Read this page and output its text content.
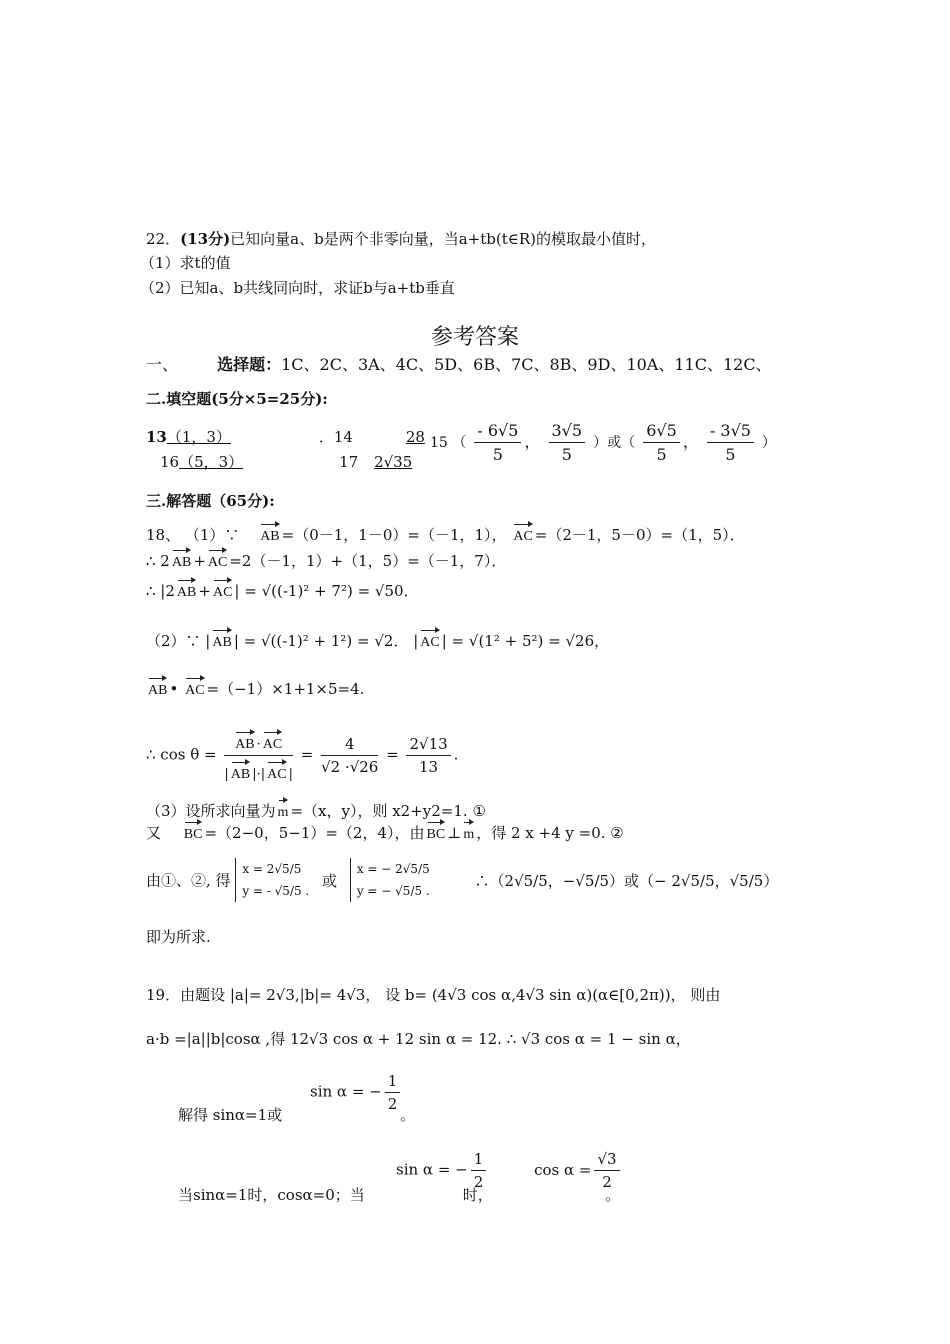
22．(13分)已知向量a、b是两个非零向量，当a+tb(t∈R)的模取最小值时，
（1）求t的值
（2）已知a、b共线同向时，求证b与a+tb垂直
参考答案
一、 选择题：1C、2C、3A、4C、5D、6B、7C、8B、9D、10A、11C、12C、
二.填空题(5分×5=25分):
13（1，3）	．14	28 15 （ $\frac{- 6√5}{5}$ ， $\frac{3√5}{5}$ ）或（ $\frac{6√5}{5}$ ， $\frac{- 3√5}{5}$ ）
16（5，3）	17 2√35
三.解答题（65分):
18、 （1）∵ AB =（0－1，1－0）=（－1，1）， AC =（2－1，5－0）=（1，5）．
∴ 2 AB + AC =2（－1，1）+（1，5）=（－1，7）．
∴ |2 AB + AC | = √((-1)² + 7²) = √50．
（2）∵ | AB | = √((-1)² + 1²) = √2． | AC | = √(1² + 5²) = √26，
AB • AC =（−1）×1+1×5=4.
∴ $\cos \theta = \frac{AB \cdot AC}{| AB |\cdot| AC |} = \frac{4}{√2 \cdot√26} = \frac{2√13}{13}$ .
（3）设所求向量为 m =（x，y），则 x2+y2=1. ①
又 BC =（2−0，5−1）=（2，4），由 BC ⊥ m ，得 2 x +4 y =0. ②
由①、②, 得 x = 2√5/5
y = - √5/5 . 或 x = − 2√5/5
y = − √5/5 . ∴（2√5/5，−√5/5）或（− 2√5/5，√5/5）
即为所求.
19．由题设 |a|= 2√3,|b|= 4√3， 设 b= (4√3 cos α,4√3 sin α)(α∈[0,2π))， 则由
a·b =|a||b|cosα ,得 12√3 cos α + 12 sin α = 12. ∴ √3 cos α = 1 − sin α，
sin α = − $\frac{1}{2}$
解得 sinα=1或	。
sin α = − $\frac{1}{2}$	$\cos \alpha = \frac{√3}{2}$
当sinα=1时，cosα=0；当	时，	。
